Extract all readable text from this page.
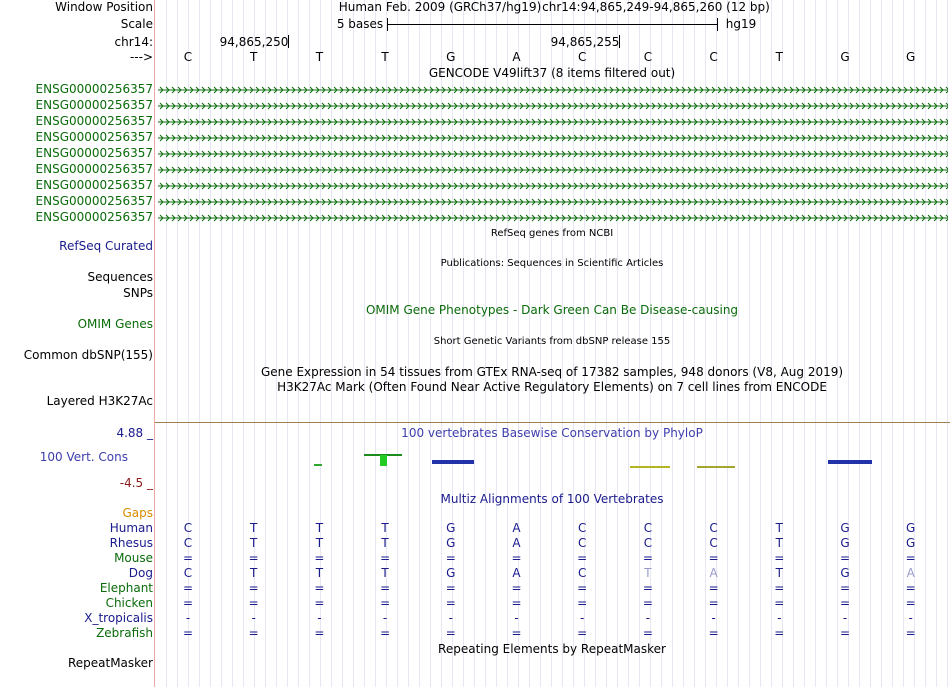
Window Position	Human Feb. 2009 (GRCh37/hg19) chr14:94,865,249-94,865,260 (12 bp)
Scale	5 bases	hg19
chr14:	94,865,250	94,865,255
--->	C	T	T	T	G	A	C	C	C	T	G	G
GENCODE V49lift37 (8 items filtered out)
ENSG00000256357
ENSG00000256357
ENSG00000256357
ENSG00000256357
ENSG00000256357
ENSG00000256357
ENSG00000256357
ENSG00000256357
ENSG00000256357
RefSeq Curated
RefSeq genes from NCBI
Publications: Sequences in Scientific Articles
Sequences
SNPs
OMIM Gene Phenotypes - Dark Green Can Be Disease-causing
OMIM Genes
Short Genetic Variants from dbSNP release 155
Common dbSNP(155)
Gene Expression in 54 tissues from GTEx RNA-seq of 17382 samples, 948 donors (V8, Aug 2019)
H3K27Ac Mark (Often Found Near Active Regulatory Elements) on 7 cell lines from ENCODE
Layered H3K27Ac
4.88 _	100 vertebrates Basewise Conservation by PhyloP
100 Vert. Cons
-4.5 _
Multiz Alignments of 100 Vertebrates
Gaps
Human	C	T	T	T	G	A	C	C	C	T	G	G
Rhesus	C	T	T	T	G	A	C	C	C	T	G	G
Mouse	=	=	=	=	=	=	=	=	=	=	=	=
Dog	C	T	T	T	G	A	C	T	A	T	G	A
Elephant	=	=	=	=	=	=	=	=	=	=	=	=
Chicken	=	=	=	=	=	=	=	=	=	=	=	=
X_tropicalis	-	-	-	-	-	-	-	-	-	-	-	-
Zebrafish	=	=	=	=	=	=	=	=	=	=	=	=
Repeating Elements by RepeatMasker
RepeatMasker
